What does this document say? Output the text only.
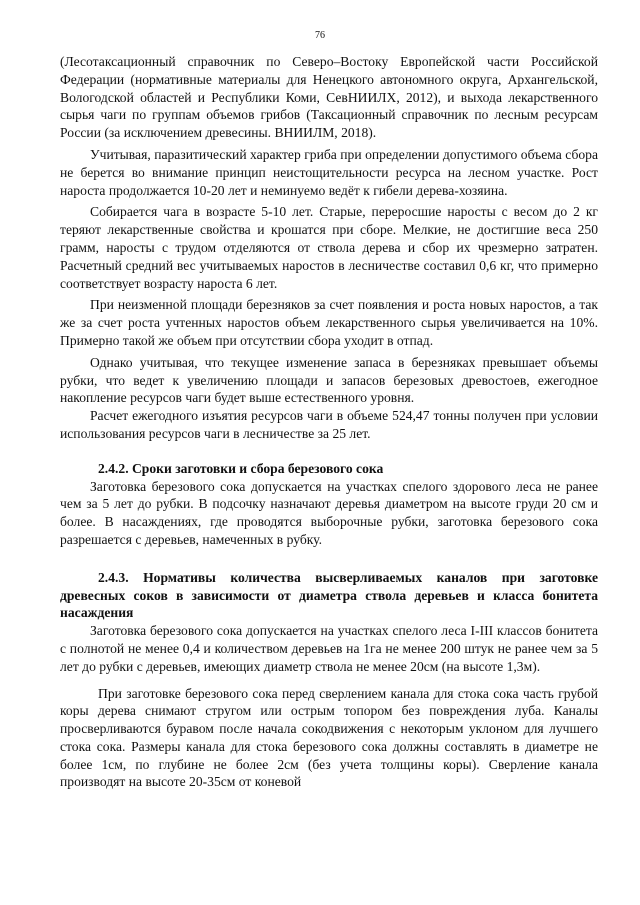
76

(Лесотаксационный справочник по Северо–Востоку Европейской части Российской Федерации (нормативные материалы для Ненецкого автономного округа, Архангельской, Вологодской областей и Республики Коми, СевНИИЛХ, 2012), и выхода лекарственного сырья чаги по группам объемов грибов (Таксационный справочник по лесным ресурсам России (за исключением древесины. ВНИИЛМ, 2018).

Учитывая, паразитический характер гриба при определении допустимого объема сбора не берется во внимание принцип неистощительности ресурса на лесном участке. Рост нароста продолжается 10-20 лет и неминуемо ведёт к гибели дерева-хозяина.

Собирается чага в возрасте 5-10 лет. Старые, переросшие наросты с весом до 2 кг теряют лекарственные свойства и крошатся при сборе. Мелкие, не достигшие веса 250 грамм, наросты с трудом отделяются от ствола дерева и сбор их чрезмерно затратен. Расчетный средний вес учитываемых наростов в лесничестве составил 0,6 кг, что примерно соответствует возрасту нароста 6 лет.

При неизменной площади березняков за счет появления и роста новых наростов, а так же за счет роста учтенных наростов объем лекарственного сырья увеличивается на 10%. Примерно такой же объем при отсутствии сбора уходит в отпад.

Однако учитывая, что текущее изменение запаса в березняках превышает объемы рубки, что ведет к увеличению площади и запасов березовых древостоев, ежегодное накопление ресурсов чаги будет выше естественного уровня.

Расчет ежегодного изъятия ресурсов чаги в объеме 524,47 тонны получен при условии использования ресурсов чаги в лесничестве за 25 лет.

2.4.2. Сроки заготовки и сбора березового сока

Заготовка березового сока допускается на участках спелого здорового леса не ранее чем за 5 лет до рубки. В подсочку назначают деревья диаметром на высоте груди 20 см и более. В насаждениях, где проводятся выборочные рубки, заготовка березового сока разрешается с деревьев, намеченных в рубку.

2.4.3. Нормативы количества высверливаемых каналов при заготовке древесных соков в зависимости от диаметра ствола деревьев и класса бонитета насаждения

Заготовка березового сока допускается на участках спелого леса I-III классов бонитета с полнотой не менее 0,4 и количеством деревьев на 1га не менее 200 штук не ранее чем за 5 лет до рубки с деревьев, имеющих диаметр ствола не менее 20см (на высоте 1,3м).

При заготовке березового сока перед сверлением канала для стока сока часть грубой коры дерева снимают стругом или острым топором без повреждения луба. Каналы просверливаются буравом после начала сокодвижения с некоторым уклоном для лучшего стока сока. Размеры канала для стока березового сока должны составлять в диаметре не более 1см, по глубине не более 2см (без учета толщины коры). Сверление канала производят на высоте 20-35см от коневой
